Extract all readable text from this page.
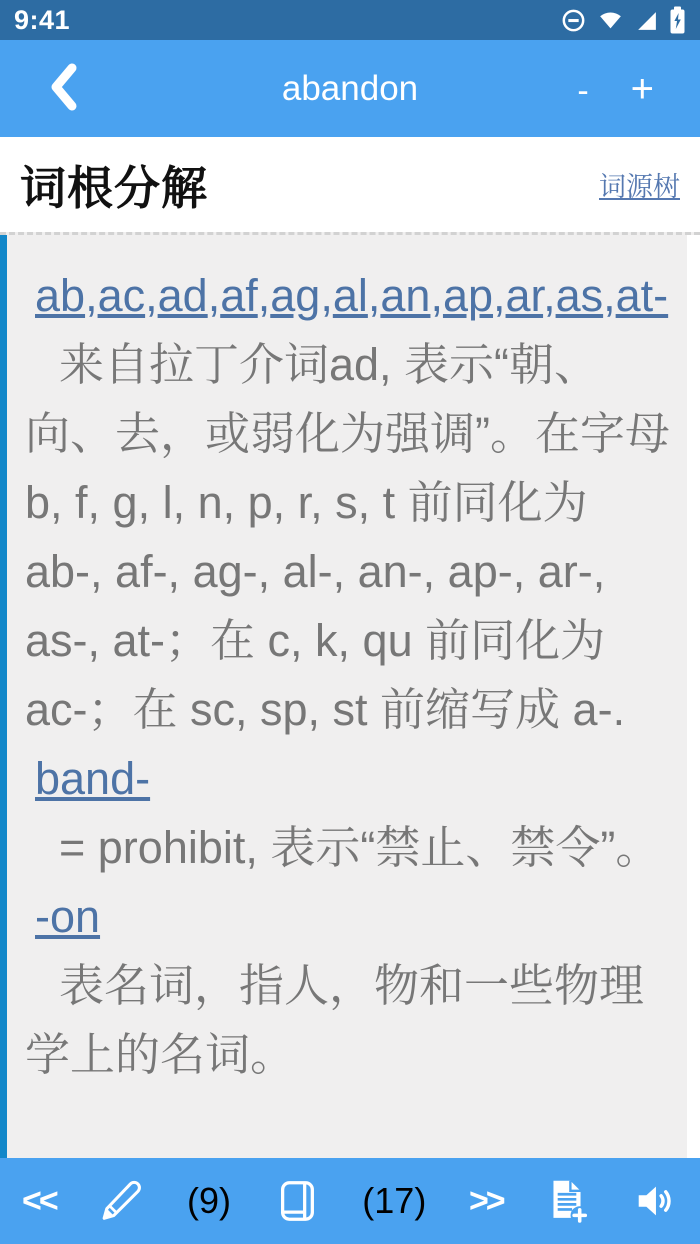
9:41
abandon	- +
词根分解	词源树
ab,ac,ad,af,ag,al,an,ap,ar,as,at-

来自拉丁介词ad, 表示“朝、向、去，或弱化为强调”。在字母 b, f, g, l, n, p, r, s, t 前同化为 ab-, af-, ag-, al-, an-, ap-, ar-, as-, at-；在 c, k, qu 前同化为 ac-；在 sc, sp, st 前缩写成 a-.

band-

= prohibit, 表示“禁止、禁令”。

-on

表名词，指人，物和一些物理学上的名词。

<<	(9)	(17) >>
